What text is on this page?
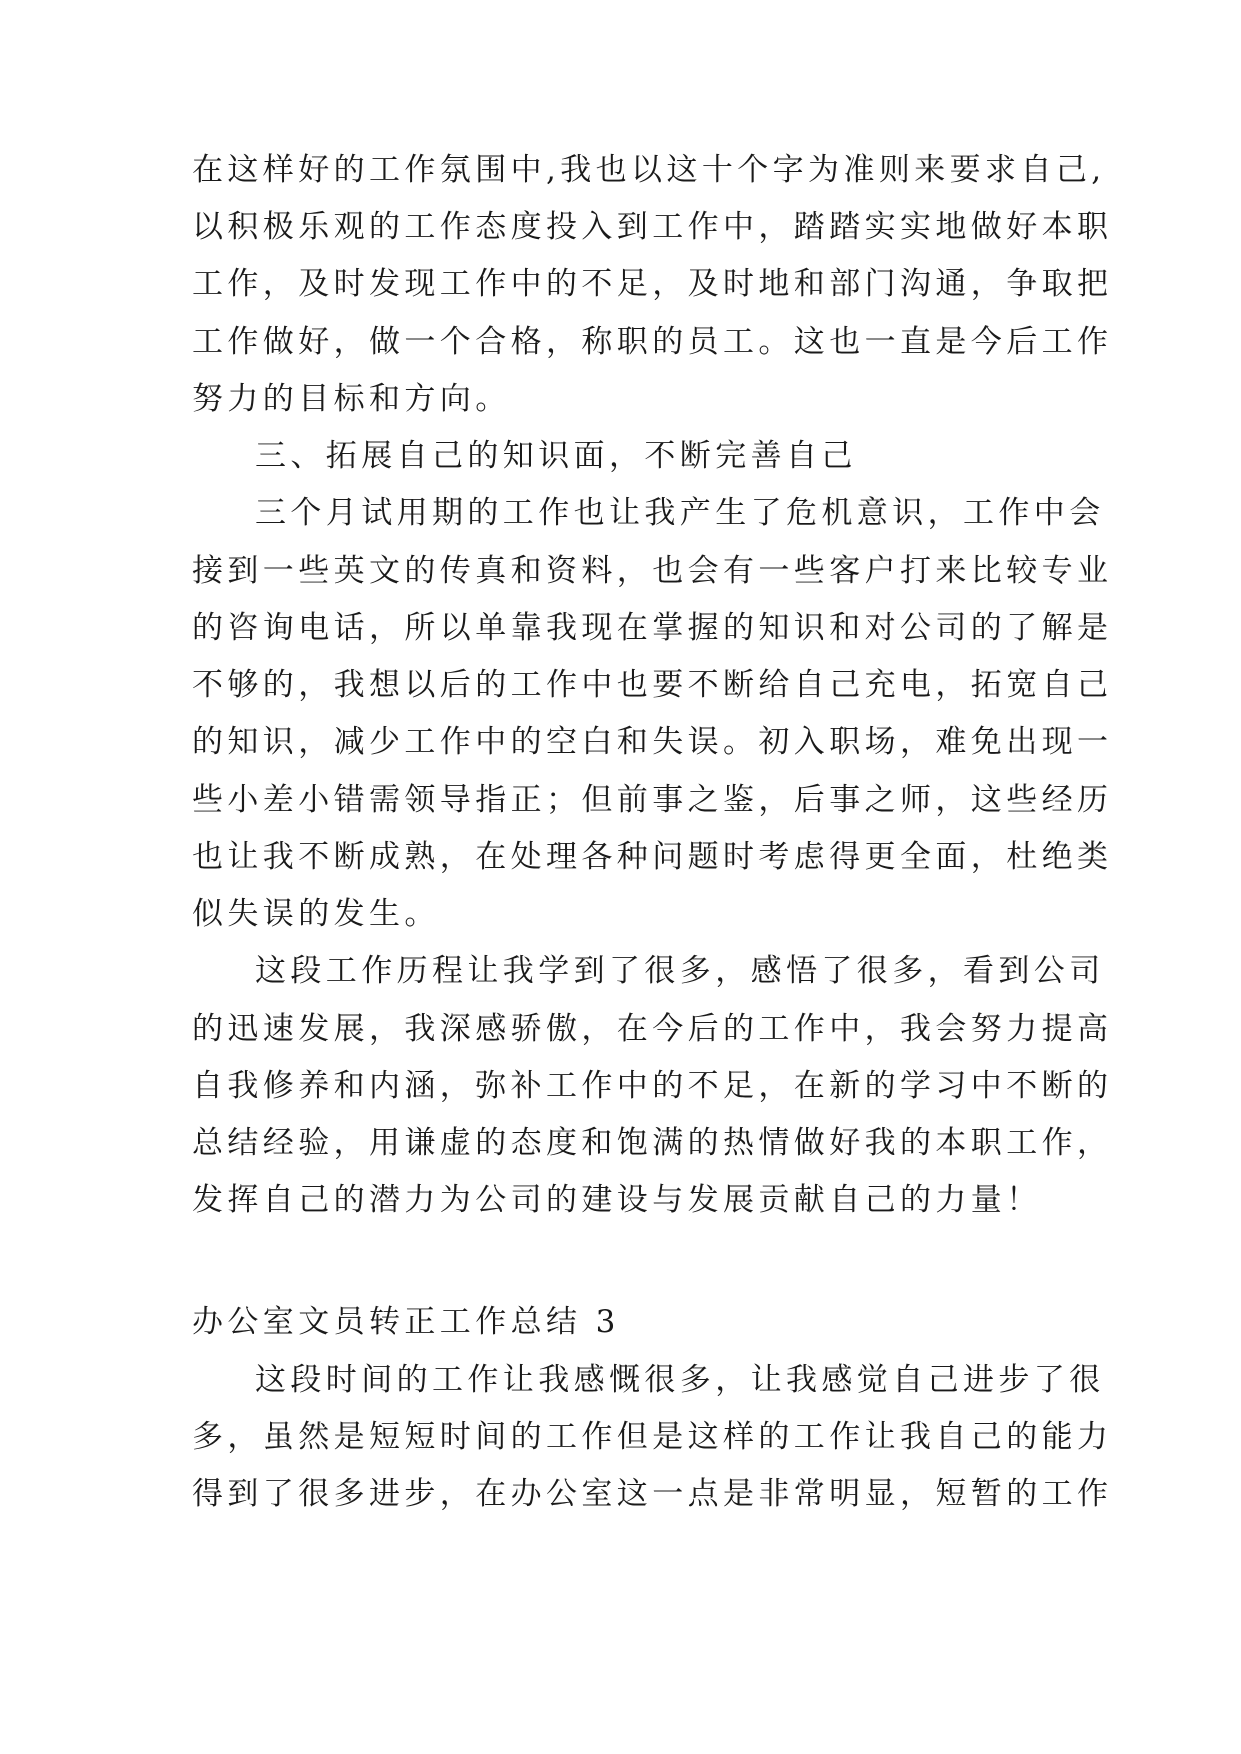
在这样好的工作氛围中,我也以这十个字为准则来要求自己,
以积极乐观的工作态度投入到工作中，踏踏实实地做好本职
工作，及时发现工作中的不足，及时地和部门沟通，争取把
工作做好，做一个合格，称职的员工。这也一直是今后工作
努力的目标和方向。
三、拓展自己的知识面，不断完善自己
三个月试用期的工作也让我产生了危机意识，工作中会
接到一些英文的传真和资料，也会有一些客户打来比较专业
的咨询电话，所以单靠我现在掌握的知识和对公司的了解是
不够的，我想以后的工作中也要不断给自己充电，拓宽自己
的知识，减少工作中的空白和失误。初入职场，难免出现一
些小差小错需领导指正；但前事之鉴，后事之师，这些经历
也让我不断成熟，在处理各种问题时考虑得更全面，杜绝类
似失误的发生。
这段工作历程让我学到了很多，感悟了很多，看到公司
的迅速发展，我深感骄傲，在今后的工作中，我会努力提高
自我修养和内涵，弥补工作中的不足，在新的学习中不断的
总结经验，用谦虚的态度和饱满的热情做好我的本职工作，
发挥自己的潜力为公司的建设与发展贡献自己的力量！
办公室文员转正工作总结 3
这段时间的工作让我感慨很多，让我感觉自己进步了很
多，虽然是短短时间的工作但是这样的工作让我自己的能力
得到了很多进步，在办公室这一点是非常明显，短暂的工作
